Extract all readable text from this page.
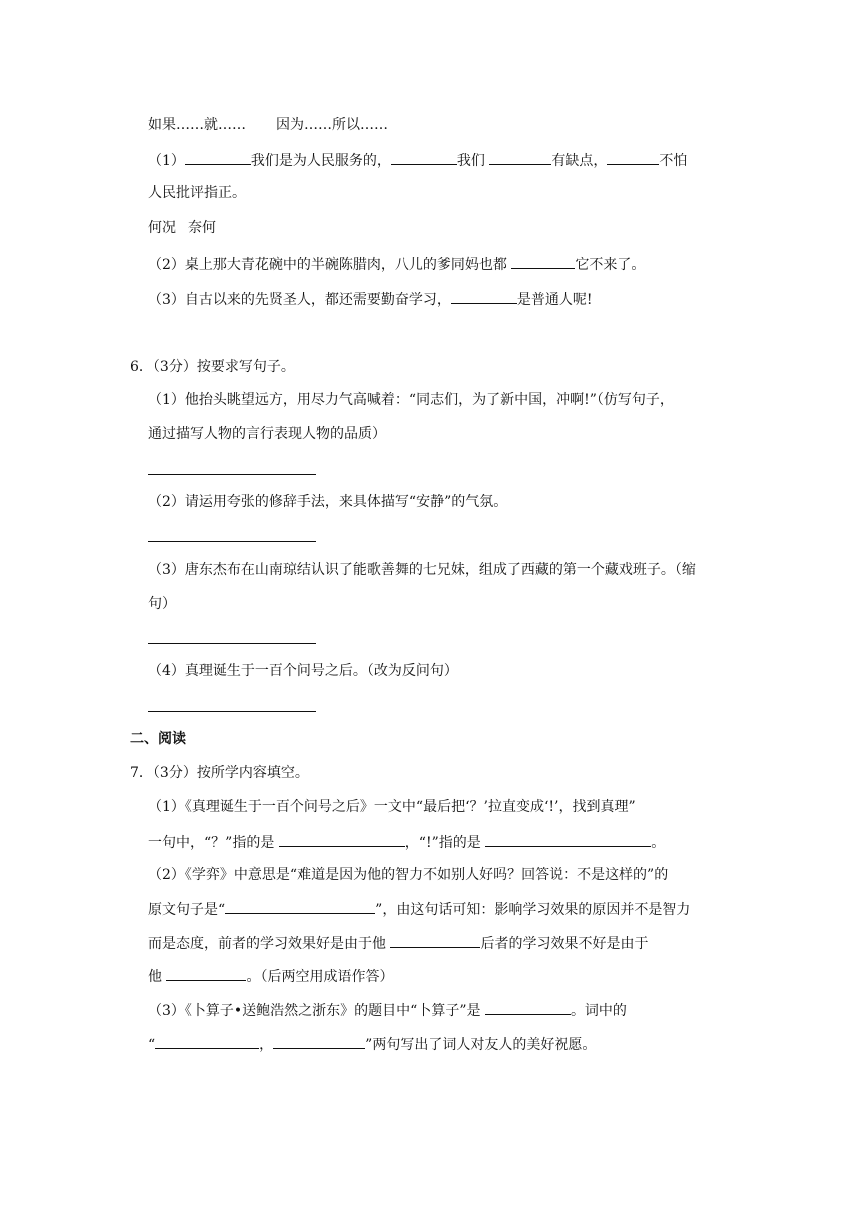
如果……就…… 因为……所以……
（1）	我们是为人民服务的，	我们	有缺点，	不怕
人民批评指正。
何况 奈何
（2）桌上那大青花碗中的半碗陈腊肉，八儿的爹同妈也都	它不来了。
（3）自古以来的先贤圣人，都还需要勤奋学习，	是普通人呢!
6．（3分）按要求写句子。
（1）他抬头眺望远方，用尽力气高喊着：“同志们，为了新中国，冲啊!”（仿写句子，
通过描写人物的言行表现人物的品质）
（2）请运用夸张的修辞手法，来具体描写“安静”的气氛。
（3）唐东杰布在山南琼结认识了能歌善舞的七兄妹，组成了西藏的第一个藏戏班子。（缩
句）
（4）真理诞生于一百个问号之后。（改为反问句）
二、阅读
7．（3分）按所学内容填空。
（1）《真理诞生于一百个问号之后》一文中“最后把‘？’拉直变成‘!’，找到真理”
一句中，“？”指的是	，“!”指的是	。
（2）《学弈》中意思是“难道是因为他的智力不如别人好吗？回答说：不是这样的”的
原文句子是“	”，由这句话可知：影响学习效果的原因并不是智力
而是态度，前者的学习效果好是由于他	后者的学习效果不好是由于
他	。（后两空用成语作答）
（3）《卜算子•送鲍浩然之浙东》的题目中“卜算子”是	。词中的
“	，	”两句写出了词人对友人的美好祝愿。
